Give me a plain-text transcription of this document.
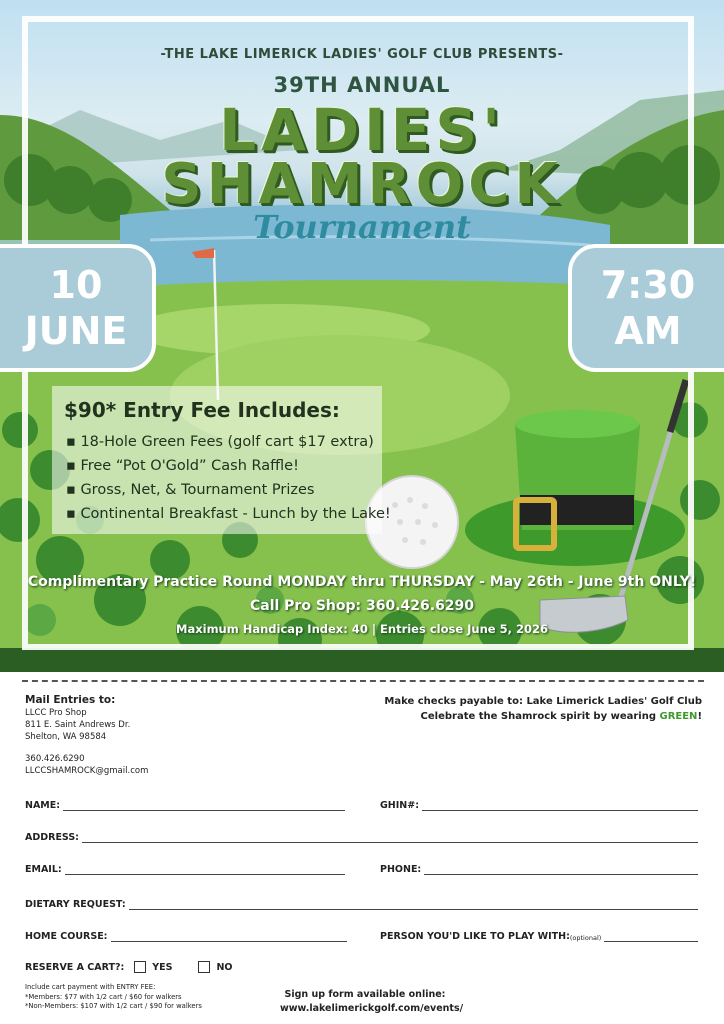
-THE LAKE LIMERICK LADIES' GOLF CLUB PRESENTS-
39TH ANNUAL
LADIES'
SHAMROCK
Tournament
10
JUNE
7:30
AM
$90* Entry Fee Includes:
▪ 18-Hole Green Fees (golf cart $17 extra)
▪ Free “Pot O'Gold” Cash Raffle!
▪ Gross, Net, & Tournament Prizes
▪ Continental Breakfast - Lunch by the Lake!
Complimentary Practice Round MONDAY thru THURSDAY - May 26th - June 9th ONLY!
Call Pro Shop: 360.426.6290
Maximum Handicap Index: 40 | Entries close June 5, 2026
Mail Entries to:
LLCC Pro Shop
811 E. Saint Andrews Dr.
Shelton, WA 98584
360.426.6290
LLCCSHAMROCK@gmail.com
Make checks payable to: Lake Limerick Ladies' Golf Club
Celebrate the Shamrock spirit by wearing GREEN!
NAME:	GHIN#:
ADDRESS:
EMAIL:	PHONE:
DIETARY REQUEST:
HOME COURSE:	PERSON YOU'D LIKE TO PLAY WITH: (optional)
RESERVE A CART?:	YES	NO
Include cart payment with ENTRY FEE:
*Members: $77 with 1/2 cart / $60 for walkers
*Non-Members: $107 with 1/2 cart / $90 for walkers
Sign up form available online:
www.lakelimerickgolf.com/events/
